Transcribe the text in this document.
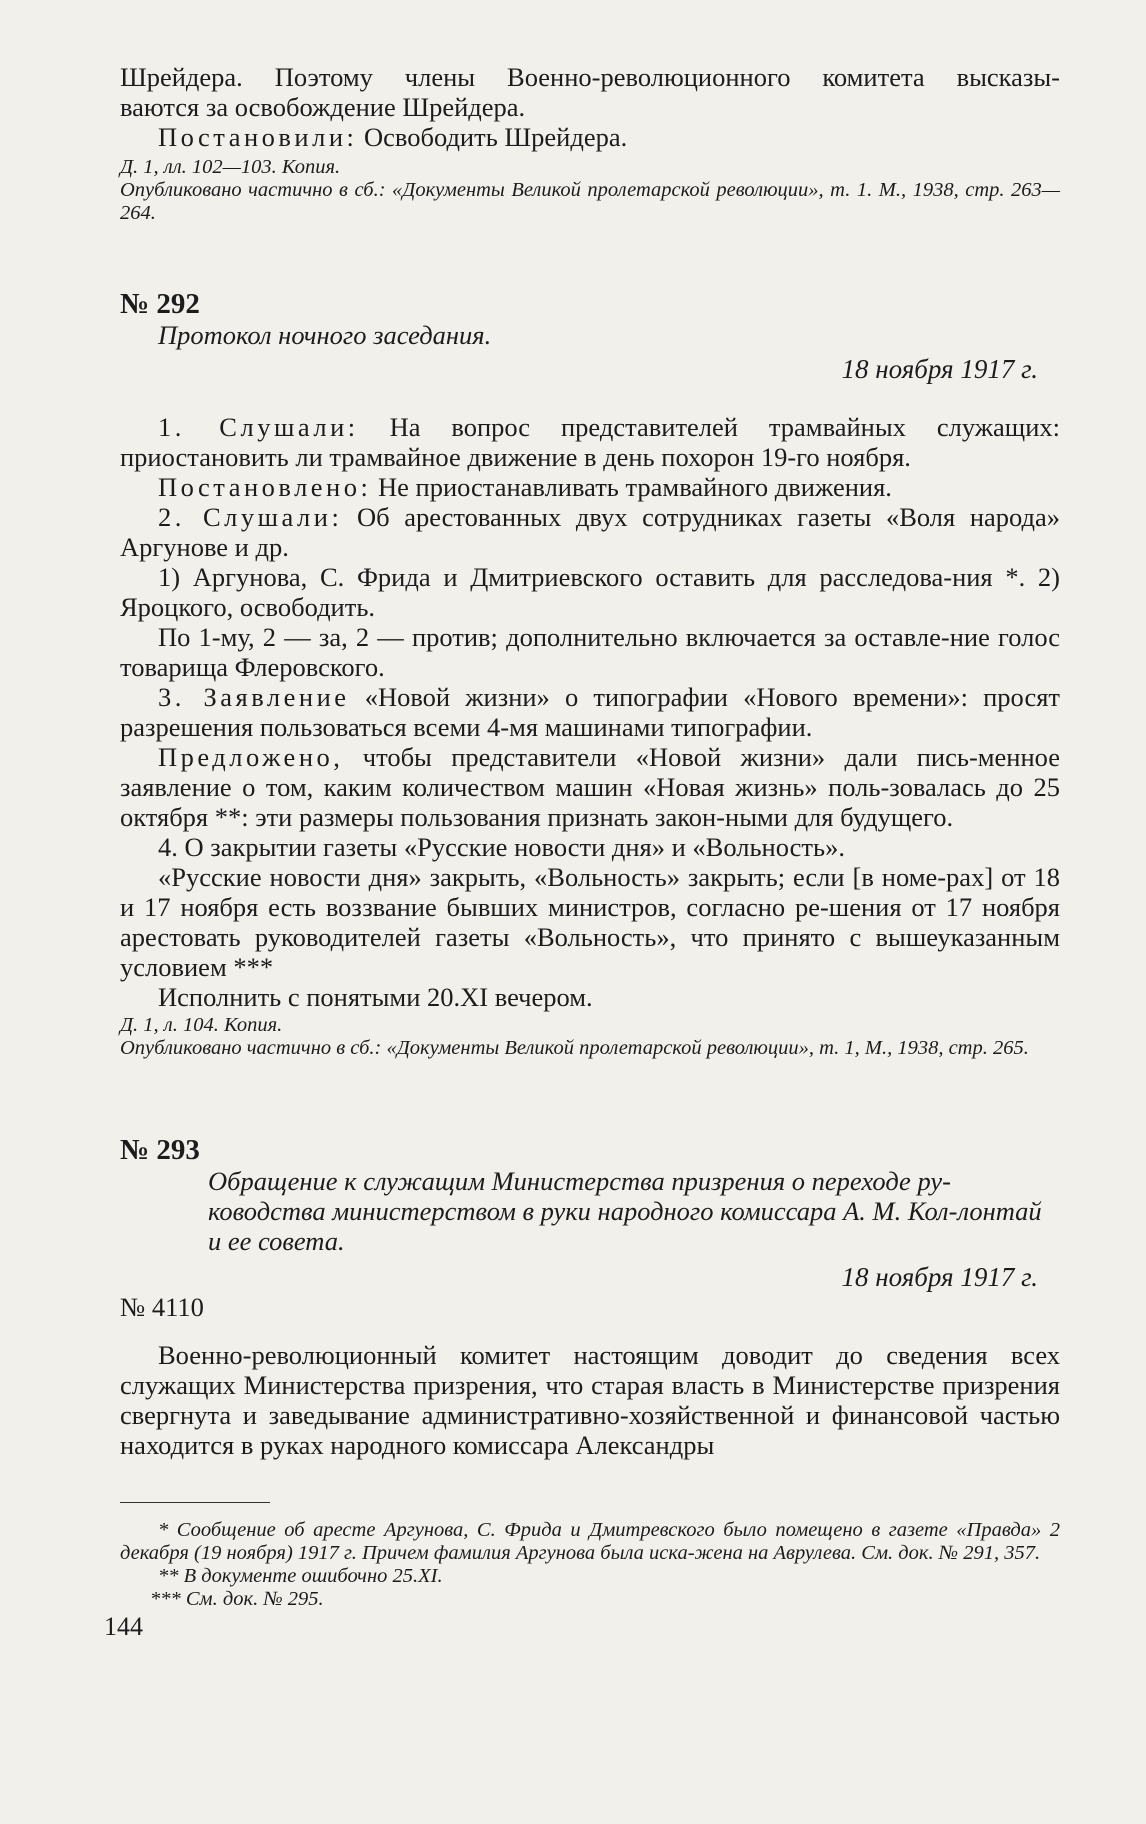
Шрейдера. Поэтому члены Военно-революционного комитета высказы-

ваются за освобождение Шрейдера.

Постановили: Освободить Шрейдера.

Д. 1, лл. 102—103. Копия.

Опубликовано частично в сб.: «Документы Великой пролетарской революции», т. 1. М., 1938, стр. 263—264.

№ 292

Протокол ночного заседания.

18 ноября 1917 г.

1. Слушали: На вопрос представителей трамвайных служащих: приостановить ли трамвайное движение в день похорон 19-го ноября.

Постановлено: Не приостанавливать трамвайного движения.

2. Слушали: Об арестованных двух сотрудниках газеты «Воля народа» Аргунове и др.

1) Аргунова, С. Фрида и Дмитриевского оставить для расследова-ния *. 2) Яроцкого, освободить.

По 1-му, 2 — за, 2 — против; дополнительно включается за оставле-ние голос товарища Флеровского.

3. Заявление «Новой жизни» о типографии «Нового времени»: просят разрешения пользоваться всеми 4-мя машинами типографии.

Предложено, чтобы представители «Новой жизни» дали пись-менное заявление о том, каким количеством машин «Новая жизнь» поль-зовалась до 25 октября **: эти размеры пользования признать закон-ными для будущего.

4. О закрытии газеты «Русские новости дня» и «Вольность».

«Русские новости дня» закрыть, «Вольность» закрыть; если [в номе-рах] от 18 и 17 ноября есть воззвание бывших министров, согласно ре-шения от 17 ноября арестовать руководителей газеты «Вольность», что принято с вышеуказанным условием ***

Исполнить с понятыми 20.XI вечером.

Д. 1, л. 104. Копия.

Опубликовано частично в сб.: «Документы Великой пролетарской революции», т. 1, М., 1938, стр. 265.

№ 293

Обращение к служащим Министерства призрения о переходе ру-ководства министерством в руки народного комиссара А. М. Кол-лонтай и ее совета.

18 ноября 1917 г.

№ 4110

Военно-революционный комитет настоящим доводит до сведения всех служащих Министерства призрения, что старая власть в Министерстве призрения свергнута и заведывание административно-хозяйственной и финансовой частью находится в руках народного комиссара Александры

* Сообщение об аресте Аргунова, С. Фрида и Дмитревского было помещено в газете «Правда» 2 декабря (19 ноября) 1917 г. Причем фамилия Аргунова была иска-жена на Аврулева. См. док. № 291, 357.

** В документе ошибочно 25.XI.

*** См. док. № 295.

144
